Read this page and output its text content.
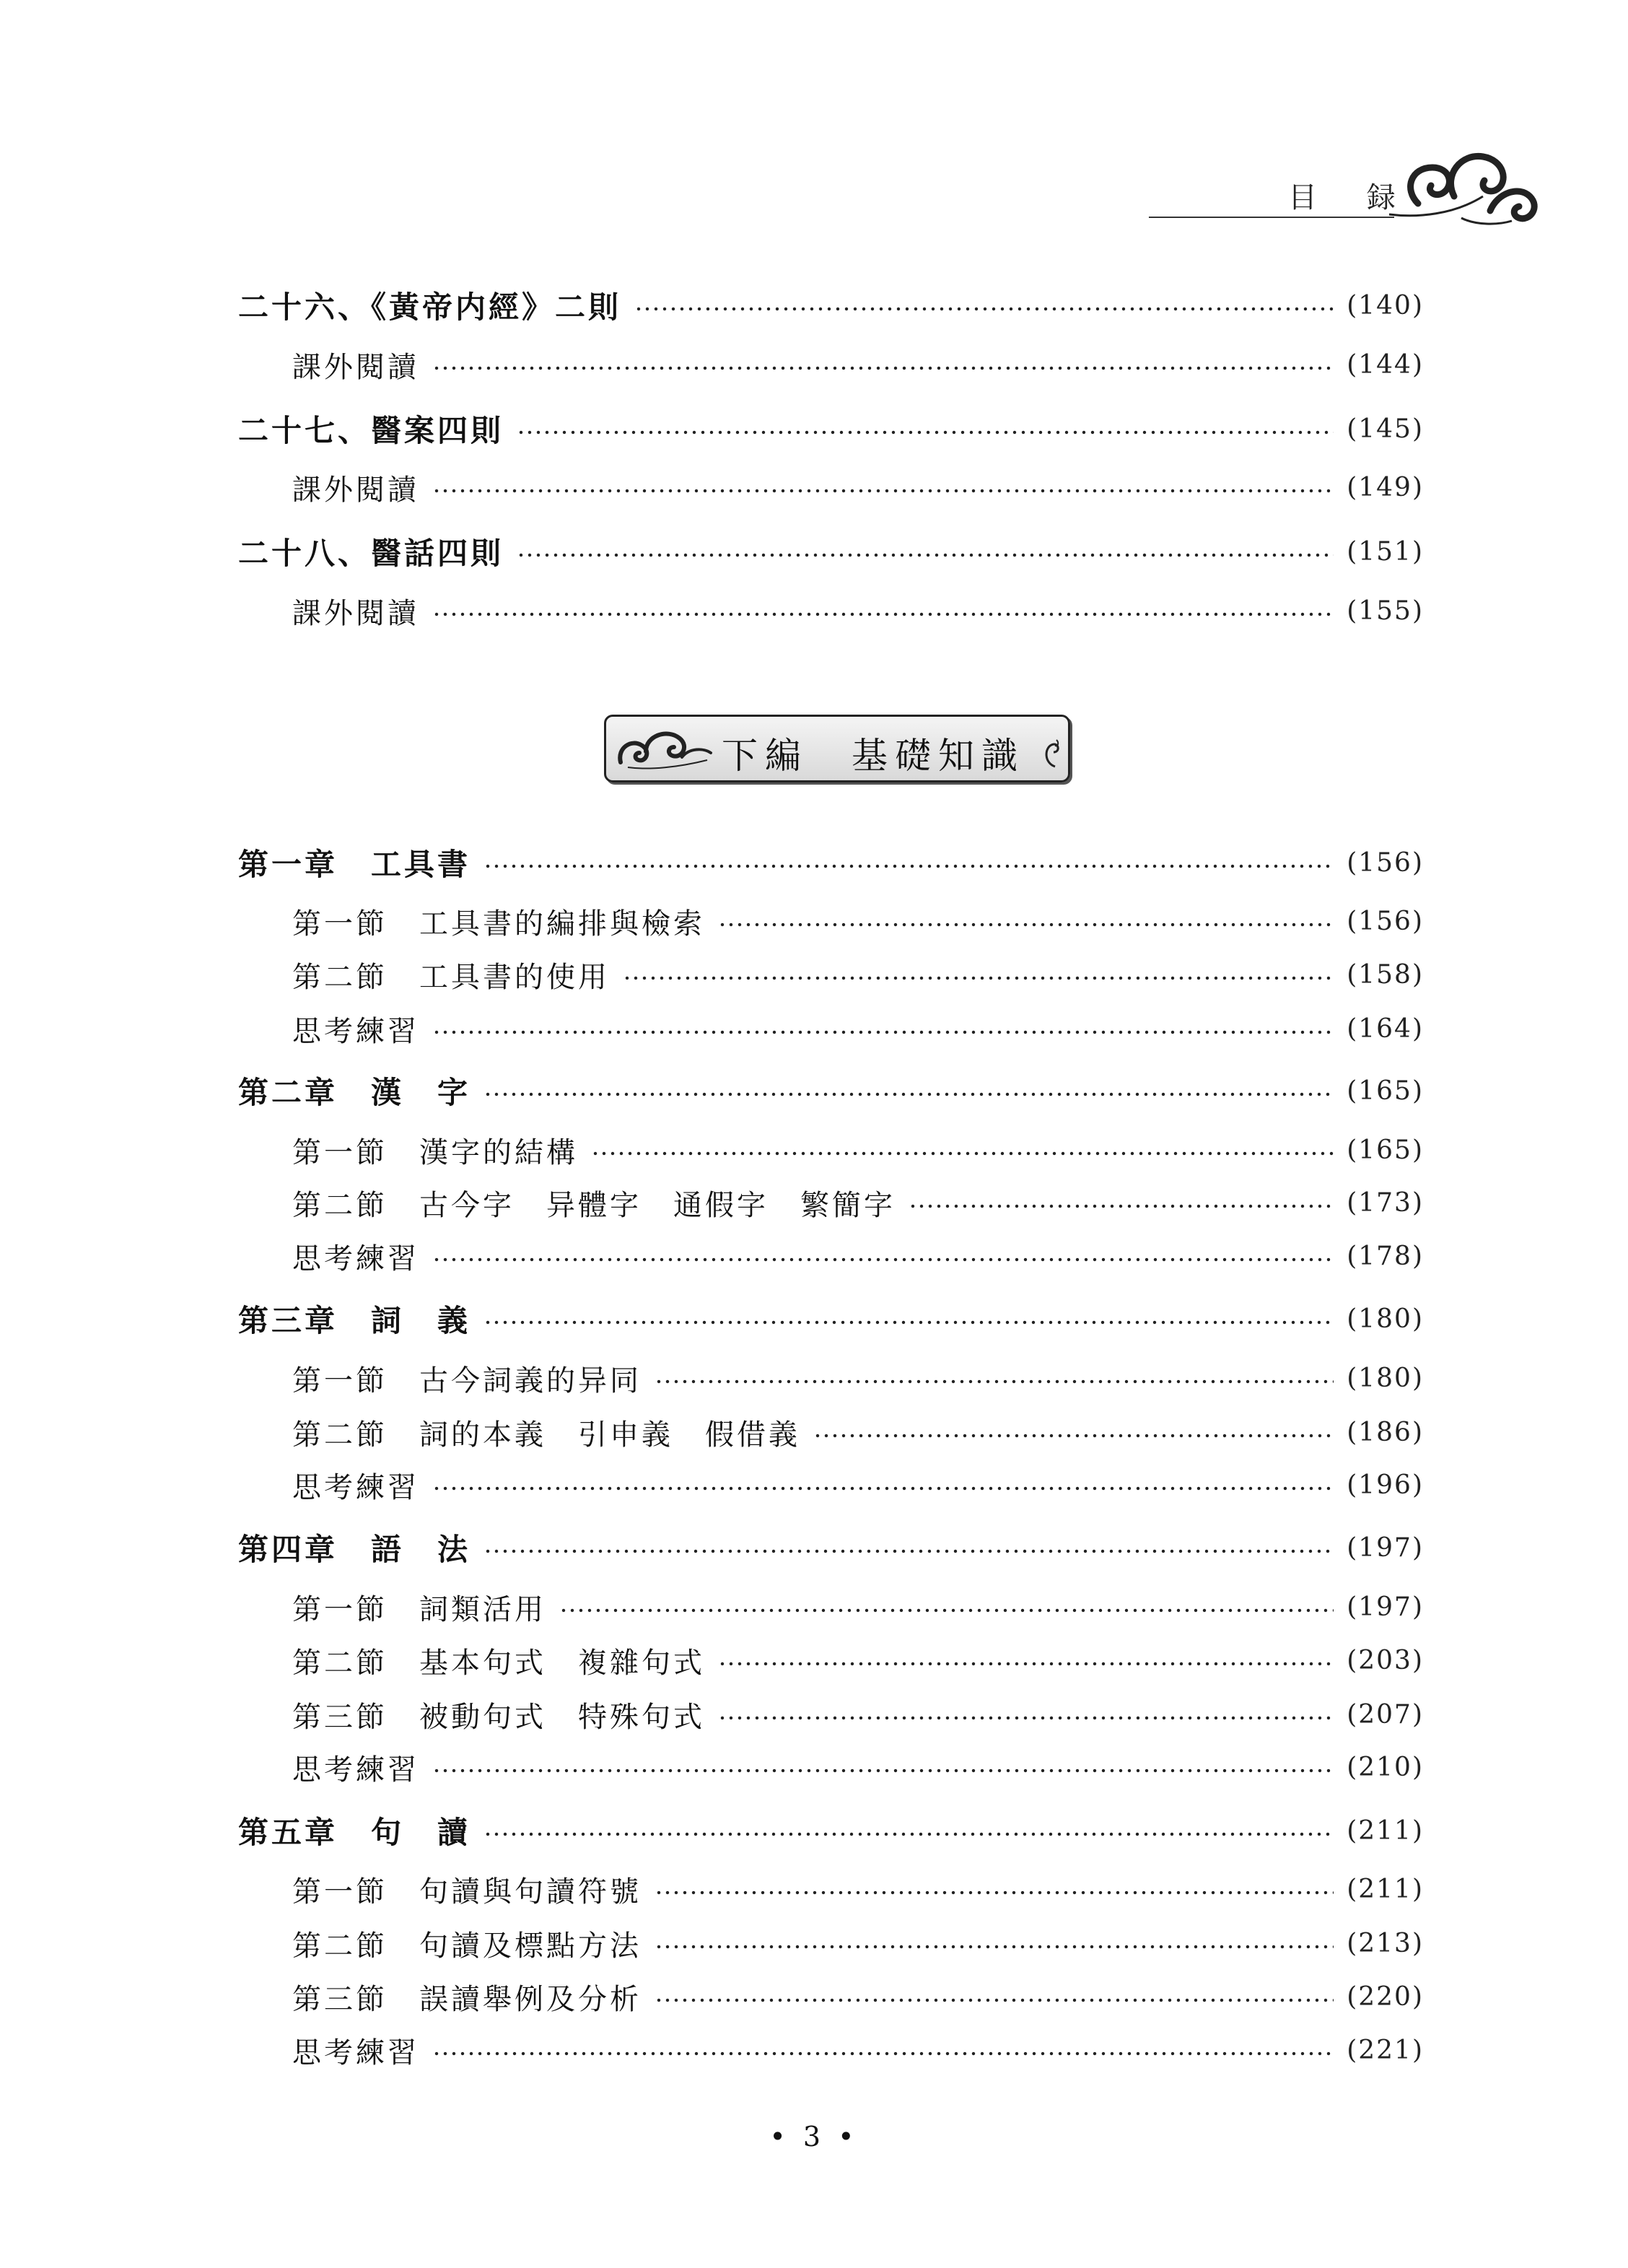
目 録
二十六、《黃帝内經》二則	(140)
課外閱讀	(144)
二十七、醫案四則	(145)
課外閱讀	(149)
二十八、醫話四則	(151)
課外閱讀	(155)
下編　基礎知識
第一章　工具書	(156)
第一節　工具書的編排與檢索	(156)
第二節　工具書的使用	(158)
思考練習	(164)
第二章　漢　字	(165)
第一節　漢字的結構	(165)
第二節　古今字　异體字　通假字　繁簡字	(173)
思考練習	(178)
第三章　詞　義	(180)
第一節　古今詞義的异同	(180)
第二節　詞的本義　引申義　假借義	(186)
思考練習	(196)
第四章　語　法	(197)
第一節　詞類活用	(197)
第二節　基本句式　複雜句式	(203)
第三節　被動句式　特殊句式	(207)
思考練習	(210)
第五章　句　讀	(211)
第一節　句讀與句讀符號	(211)
第二節　句讀及標點方法	(213)
第三節　誤讀舉例及分析	(220)
思考練習	(221)
• 3 •
